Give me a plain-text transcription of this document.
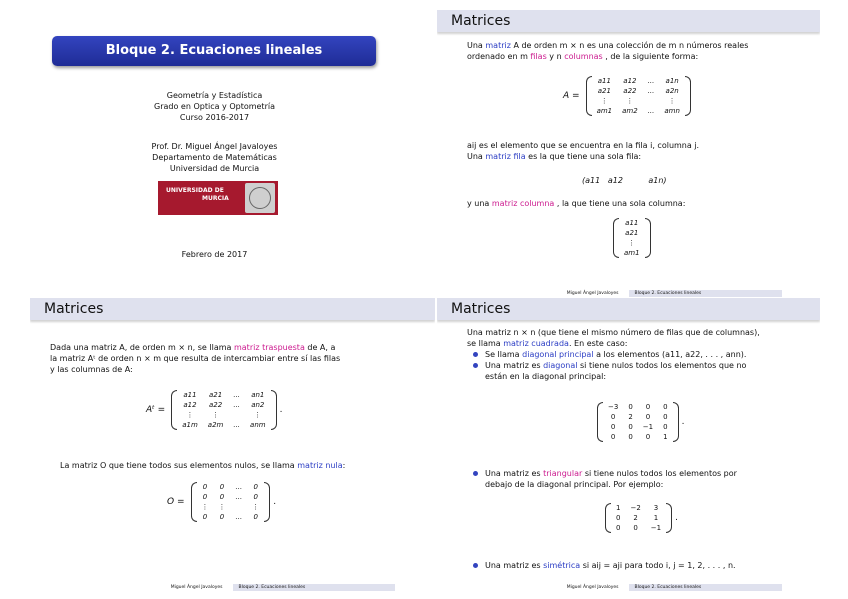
Bloque 2. Ecuaciones lineales
Geometría y Estadística
Grado en Optica y Optometría
Curso 2016-2017
Prof. Dr. Miguel Ángel Javaloyes
Departamento de Matemáticas
Universidad de Murcia
UNIVERSIDAD DE
MURCIA
Febrero de 2017
Matrices
Una matriz A de orden m × n es una colección de m n números reales
ordenado en m filas y n columnas , de la siguiente forma:
A =
a11	a12	...	a1n
a21	a22	...	a2n
⋮	⋮		⋮
am1	am2	...	amn
aij es el elemento que se encuentra en la fila i, columna j.
Una matriz fila es la que tiene una sola fila:
(a11   a12          a1n)
y una matriz columna , la que tiene una sola columna:
a11
a21
⋮
am1
Miguel Ángel Javaloyes	Bloque 2. Ecuaciones lineales
Matrices
Dada una matriz A, de orden m × n, se llama matriz traspuesta de A, a
la matriz Aᵗ de orden n × m que resulta de intercambiar entre sí las filas
y las columnas de A:
Aᵗ =
a11	a21	...	an1
a12	a22	...	an2
⋮	⋮		⋮
a1m	a2m	...	anm
.
La matriz O que tiene todos sus elementos nulos, se llama matriz nula:
O =
0	0	...	0
0	0	...	0
⋮	⋮		⋮
0	0	...	0
.
Miguel Ángel Javaloyes	Bloque 2. Ecuaciones lineales
Matrices
Una matriz n × n (que tiene el mismo número de filas que de columnas),
se llama matriz cuadrada. En este caso:
Se llama diagonal principal a los elementos (a11, a22, . . . , ann).
Una matriz es diagonal si tiene nulos todos los elementos que no
están en la diagonal principal:
−3	0	0	0
0	2	0	0
0	0	−1	0
0	0	0	1
.
Una matriz es triangular si tiene nulos todos los elementos por
debajo de la diagonal principal. Por ejemplo:
1	−2	3
0	2	1
0	0	−1
.
Una matriz es simétrica si aij = aji para todo i, j = 1, 2, . . . , n.
Miguel Ángel Javaloyes	Bloque 2. Ecuaciones lineales
